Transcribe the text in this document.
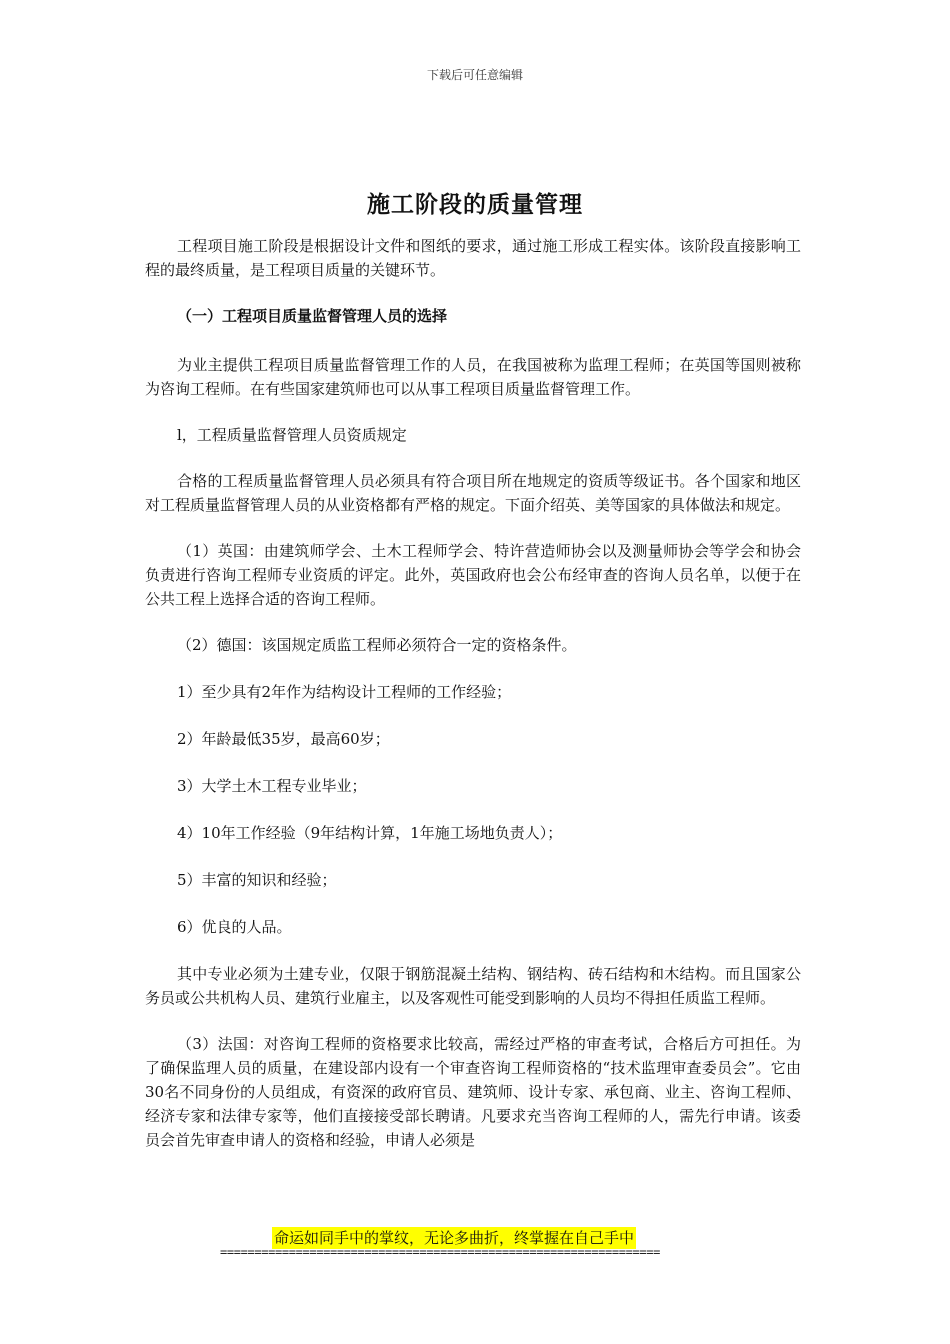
下载后可任意编辑
施工阶段的质量管理

工程项目施工阶段是根据设计文件和图纸的要求，通过施工形成工程实体。该阶段直接影响工程的最终质量，是工程项目质量的关键环节。

（一）工程项目质量监督管理人员的选择

为业主提供工程项目质量监督管理工作的人员，在我国被称为监理工程师；在英国等国则被称为咨询工程师。在有些国家建筑师也可以从事工程项目质量监督管理工作。

l，工程质量监督管理人员资质规定

合格的工程质量监督管理人员必须具有符合项目所在地规定的资质等级证书。各个国家和地区对工程质量监督管理人员的从业资格都有严格的规定。下面介绍英、美等国家的具体做法和规定。

（1）英国：由建筑师学会、土木工程师学会、特许营造师协会以及测量师协会等学会和协会负责进行咨询工程师专业资质的评定。此外，英国政府也会公布经审查的咨询人员名单，以便于在公共工程上选择合适的咨询工程师。

（2）德国：该国规定质监工程师必须符合一定的资格条件。

1）至少具有2年作为结构设计工程师的工作经验；

2）年龄最低35岁，最高60岁；

3）大学土木工程专业毕业；

4）10年工作经验（9年结构计算，1年施工场地负责人）；

5）丰富的知识和经验；

6）优良的人品。

其中专业必须为土建专业，仅限于钢筋混凝土结构、钢结构、砖石结构和木结构。而且国家公务员或公共机构人员、建筑行业雇主，以及客观性可能受到影响的人员均不得担任质监工程师。

（3）法国：对咨询工程师的资格要求比较高，需经过严格的审查考试，合格后方可担任。为了确保监理人员的质量，在建设部内设有一个审查咨询工程师资格的“技术监理审查委员会”。它由30名不同身份的人员组成，有资深的政府官员、建筑师、设计专家、承包商、业主、咨询工程师、经济专家和法律专家等，他们直接接受部长聘请。凡要求充当咨询工程师的人，需先行申请。该委员会首先审查申请人的资格和经验，申请人必须是

命运如同手中的掌纹，无论多曲折，终掌握在自己手中
================================================================
